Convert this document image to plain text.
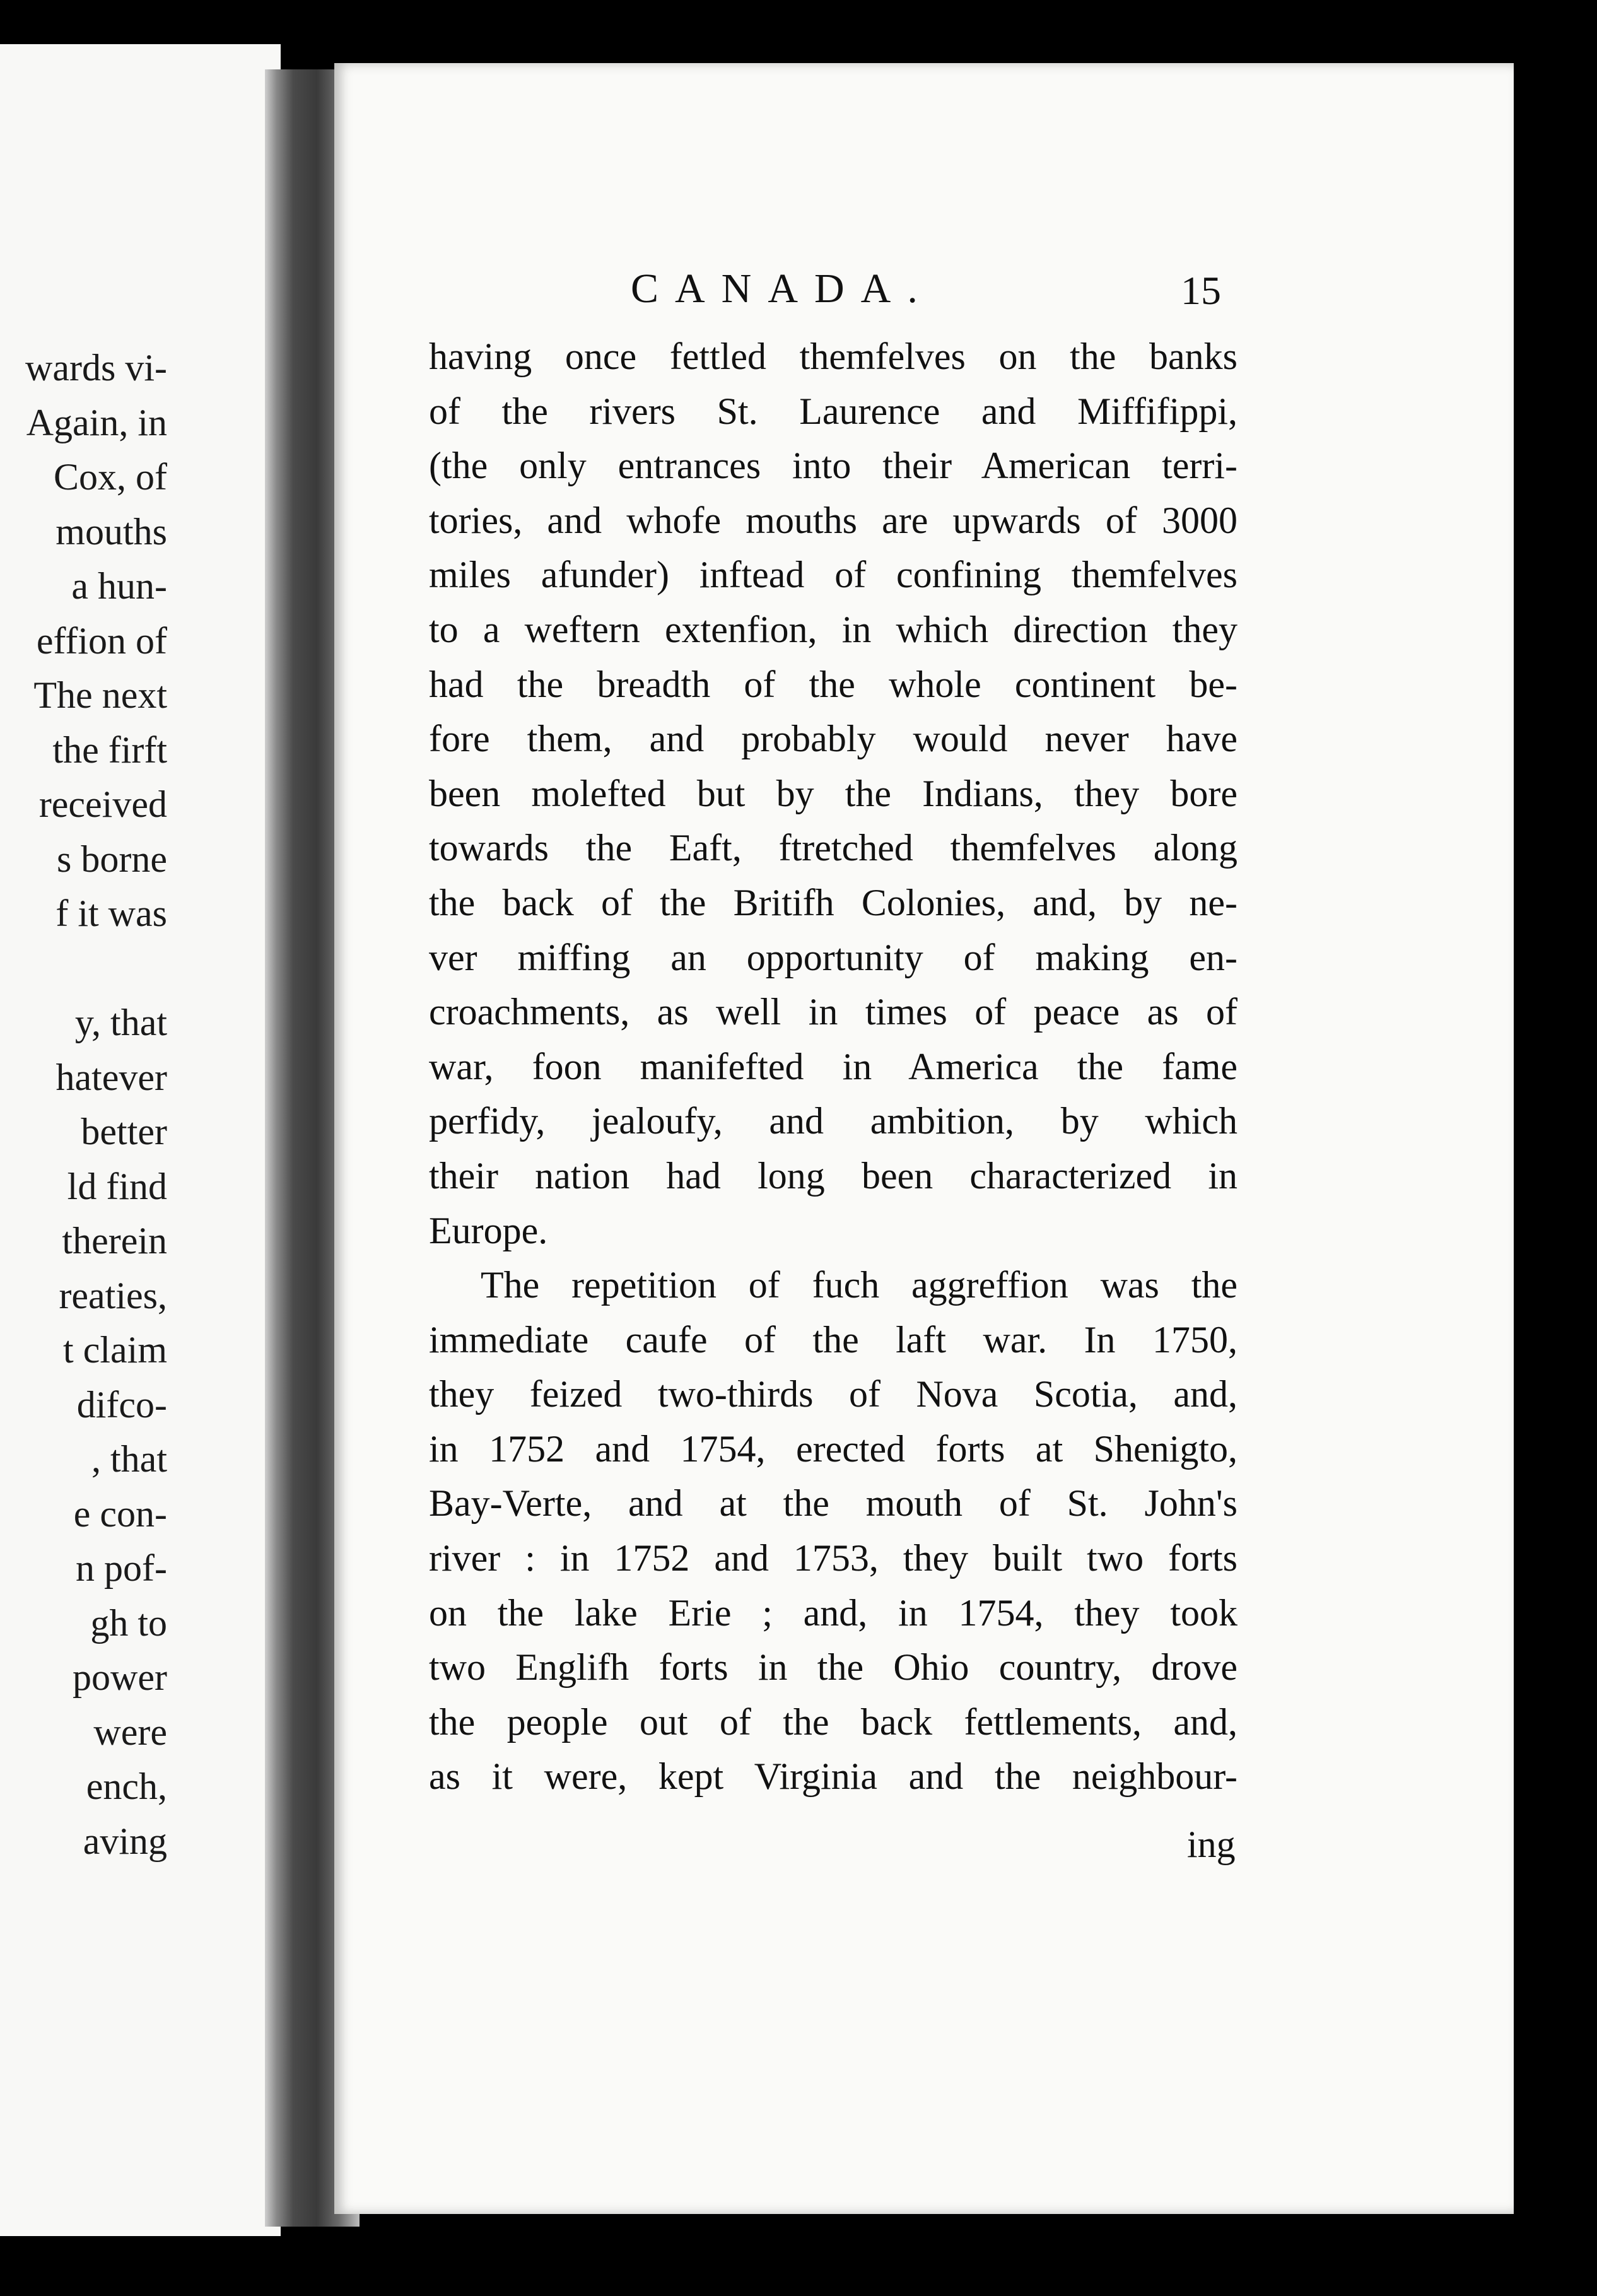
wards vi-
Again, in
Cox, of
mouths
a hun-
effion of
The next
the firft
received
s borne
f it was
y, that
hatever
better
ld find
therein
reaties,
t claim
difco-
, that
e con-
n pof-
gh to
power
were
ench,
aving
CANADA.	15
having once fettled themfelves on the banks
of the rivers St. Laurence and Miffifippi,
(the only entrances into their American terri-
tories, and whofe mouths are upwards of 3000
miles afunder) inftead of confining themfelves
to a weftern extenfion, in which direction they
had the breadth of the whole continent be-
fore them, and probably would never have
been molefted but by the Indians, they bore
towards the Eaft, ftretched themfelves along
the back of the Britifh Colonies, and, by ne-
ver miffing an opportunity of making en-
croachments, as well in times of peace as of
war, foon manifefted in America the fame
perfidy, jealoufy, and ambition, by which
their nation had long been characterized in
Europe.
The repetition of fuch aggreffion was the
immediate caufe of the laft war. In 1750,
they feized two-thirds of Nova Scotia, and,
in 1752 and 1754, erected forts at Shenigto,
Bay-Verte, and at the mouth of St. John's
river : in 1752 and 1753, they built two forts
on the lake Erie ; and, in 1754, they took
two Englifh forts in the Ohio country, drove
the people out of the back fettlements, and,
as it were, kept Virginia and the neighbour-
ing
